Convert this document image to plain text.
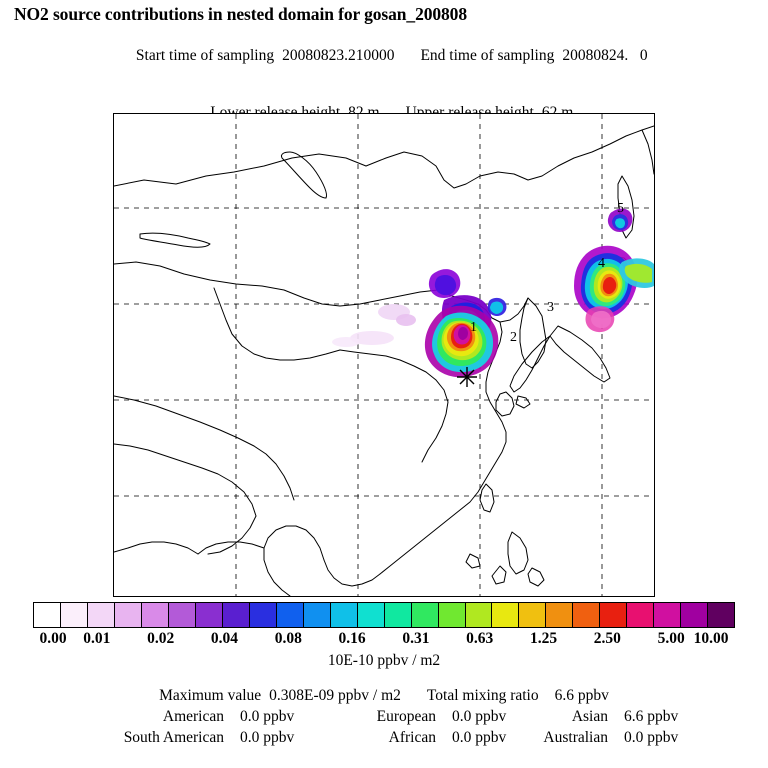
NO2 source contributions in nested domain for gosan_200808

Start time of sampling 20080823.210000 End time of sampling 20080824.   0

1
2
3
4
5
0.00 0.01 0.02 0.04 0.08 0.16 0.31 0.63 1.25 2.50 5.00 10.00
10E-10 ppbv / m2
Maximum value 0.308E-09 ppbv / m2 Total mixing ratio 6.6 ppbv
American 0.0 ppbv	European 0.0 ppbv	Asian 6.6 ppbv
South American 0.0 ppbv	African 0.0 ppbv	Australian 0.0 ppbv
